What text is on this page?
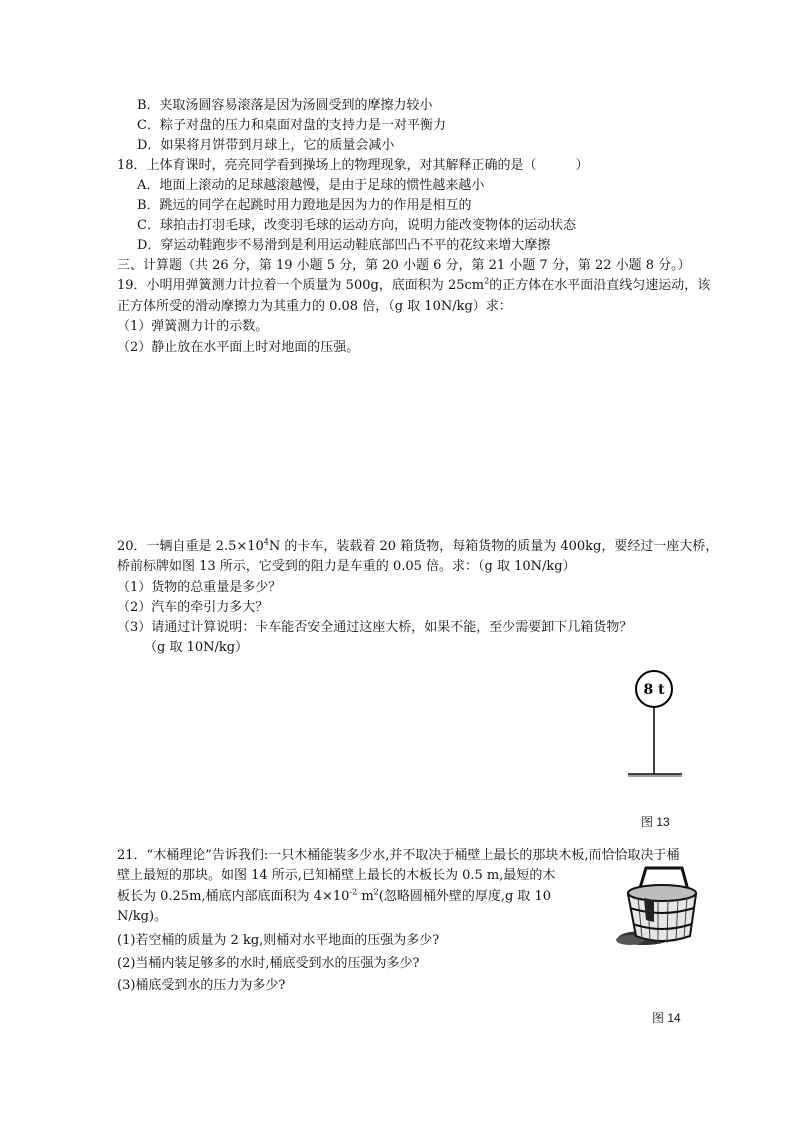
B．夹取汤圆容易滚落是因为汤圆受到的摩擦力较小
C．粽子对盘的压力和桌面对盘的支持力是一对平衡力
D．如果将月饼带到月球上，它的质量会减小
18．上体育课时，亮亮同学看到操场上的物理现象，对其解释正确的是（　　　）
A．地面上滚动的足球越滚越慢，是由于足球的惯性越来越小
B．跳远的同学在起跳时用力蹬地是因为力的作用是相互的
C．球拍击打羽毛球，改变羽毛球的运动方向，说明力能改变物体的运动状态
D．穿运动鞋跑步不易滑到是利用运动鞋底部凹凸不平的花纹来增大摩擦
三、计算题（共 26 分，第 19 小题 5 分，第 20 小题 6 分，第 21 小题 7 分，第 22 小题 8 分。）
19．小明用弹簧测力计拉着一个质量为 500g，底面积为 $25cm^2$的正方体在水平面沿直线匀速运动，该
正方体所受的滑动摩擦力为其重力的 0.08 倍，（g 取 10N/kg）求：
（1）弹簧测力计的示数。
（2）静止放在水平面上时对地面的压强。
20．一辆自重是 $2.5\times 10^4N$ 的卡车，装载着 20 箱货物，每箱货物的质量为 400kg，要经过一座大桥，
桥前标牌如图 13 所示，它受到的阻力是车重的 0.05 倍。求：（g 取 10N/kg）
（1）货物的总重量是多少？
（2）汽车的牵引力多大？
（3）请通过计算说明：卡车能否安全通过这座大桥，如果不能，至少需要卸下几箱货物？
（g 取 10N/kg）
8 t
图 13
21．“木桶理论”告诉我们:一只木桶能装多少水,并不取决于桶壁上最长的那块木板,而恰恰取决于桶
壁上最短的那块。如图 14 所示,已知桶壁上最长的木板长为 0.5 m,最短的木
板长为 0.25m,桶底内部底面积为 $4\times 10^{-2}$ $m^2$(忽略圆桶外壁的厚度,g 取 10
N/kg)。
(1)若空桶的质量为 2 kg,则桶对水平地面的压强为多少?
(2)当桶内装足够多的水时,桶底受到水的压强为多少?
(3)桶底受到水的压力为多少?
图 14
